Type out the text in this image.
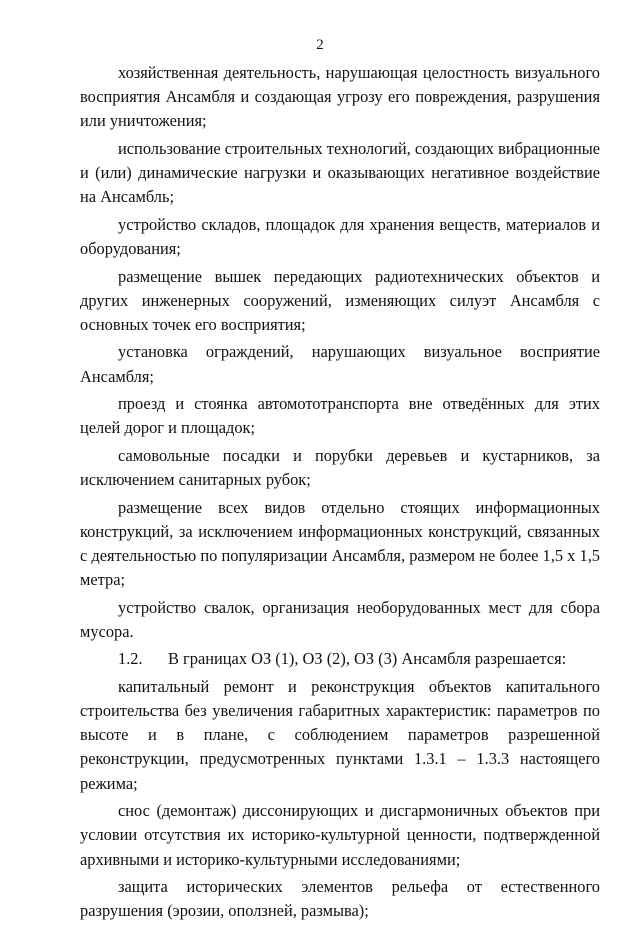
2

хозяйственная деятельность, нарушающая целостность визуального восприятия Ансамбля и создающая угрозу его повреждения, разрушения или уничтожения;

использование строительных технологий, создающих вибрационные и (или) динамические нагрузки и оказывающих негативное воздействие на Ансамбль;

устройство складов, площадок для хранения веществ, материалов и оборудования;

размещение вышек передающих радиотехнических объектов и других инженерных сооружений, изменяющих силуэт Ансамбля с основных точек его восприятия;

установка ограждений, нарушающих визуальное восприятие Ансамбля;

проезд и стоянка автомототранспорта вне отведённых для этих целей дорог и площадок;

самовольные посадки и порубки деревьев и кустарников, за исключением санитарных рубок;

размещение всех видов отдельно стоящих информационных конструкций, за исключением информационных конструкций, связанных с деятельностью по популяризации Ансамбля, размером не более 1,5 х 1,5 метра;

устройство свалок, организация необорудованных мест для сбора мусора.

1.2. В границах ОЗ (1), ОЗ (2), ОЗ (3) Ансамбля разрешается:

капитальный ремонт и реконструкция объектов капитального строительства без увеличения габаритных характеристик: параметров по высоте и в плане, с соблюдением параметров разрешенной реконструкции, предусмотренных пунктами 1.3.1 – 1.3.3 настоящего режима;

снос (демонтаж) диссонирующих и дисгармоничных объектов при условии отсутствия их историко-культурной ценности, подтвержденной архивными и историко-культурными исследованиями;

защита исторических элементов рельефа от естественного разрушения (эрозии, оползней, размыва);
